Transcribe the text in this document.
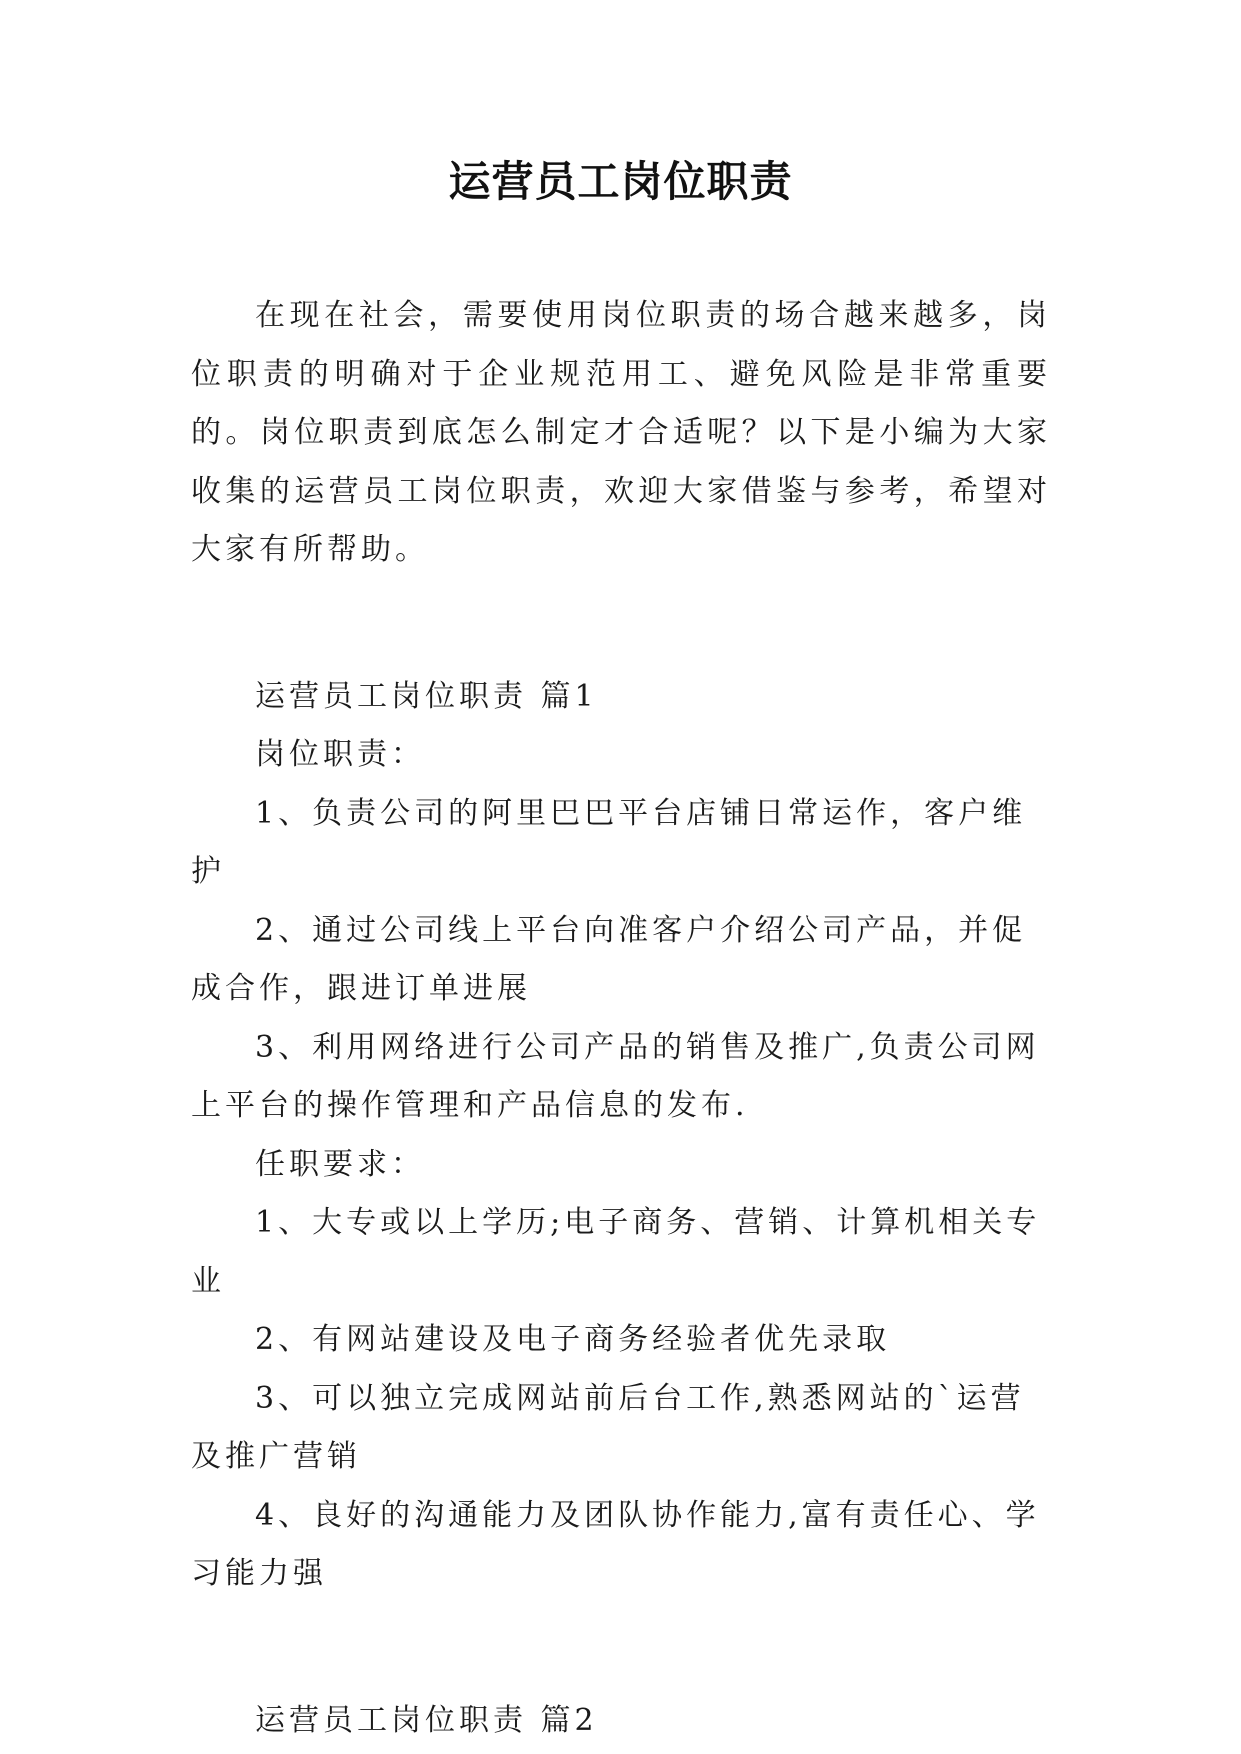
运营员工岗位职责

在现在社会，需要使用岗位职责的场合越来越多，岗位职责的明确对于企业规范用工、避免风险是非常重要的。岗位职责到底怎么制定才合适呢？以下是小编为大家收集的运营员工岗位职责，欢迎大家借鉴与参考，希望对大家有所帮助。

运营员工岗位职责 篇1

岗位职责：

1、负责公司的阿里巴巴平台店铺日常运作，客户维护

2、通过公司线上平台向准客户介绍公司产品，并促成合作，跟进订单进展

3、利用网络进行公司产品的销售及推广,负责公司网上平台的操作管理和产品信息的发布.

任职要求：

1、大专或以上学历;电子商务、营销、计算机相关专业

2、有网站建设及电子商务经验者优先录取

3、可以独立完成网站前后台工作,熟悉网站的`运营及推广营销

4、良好的沟通能力及团队协作能力,富有责任心、学习能力强

运营员工岗位职责 篇2
